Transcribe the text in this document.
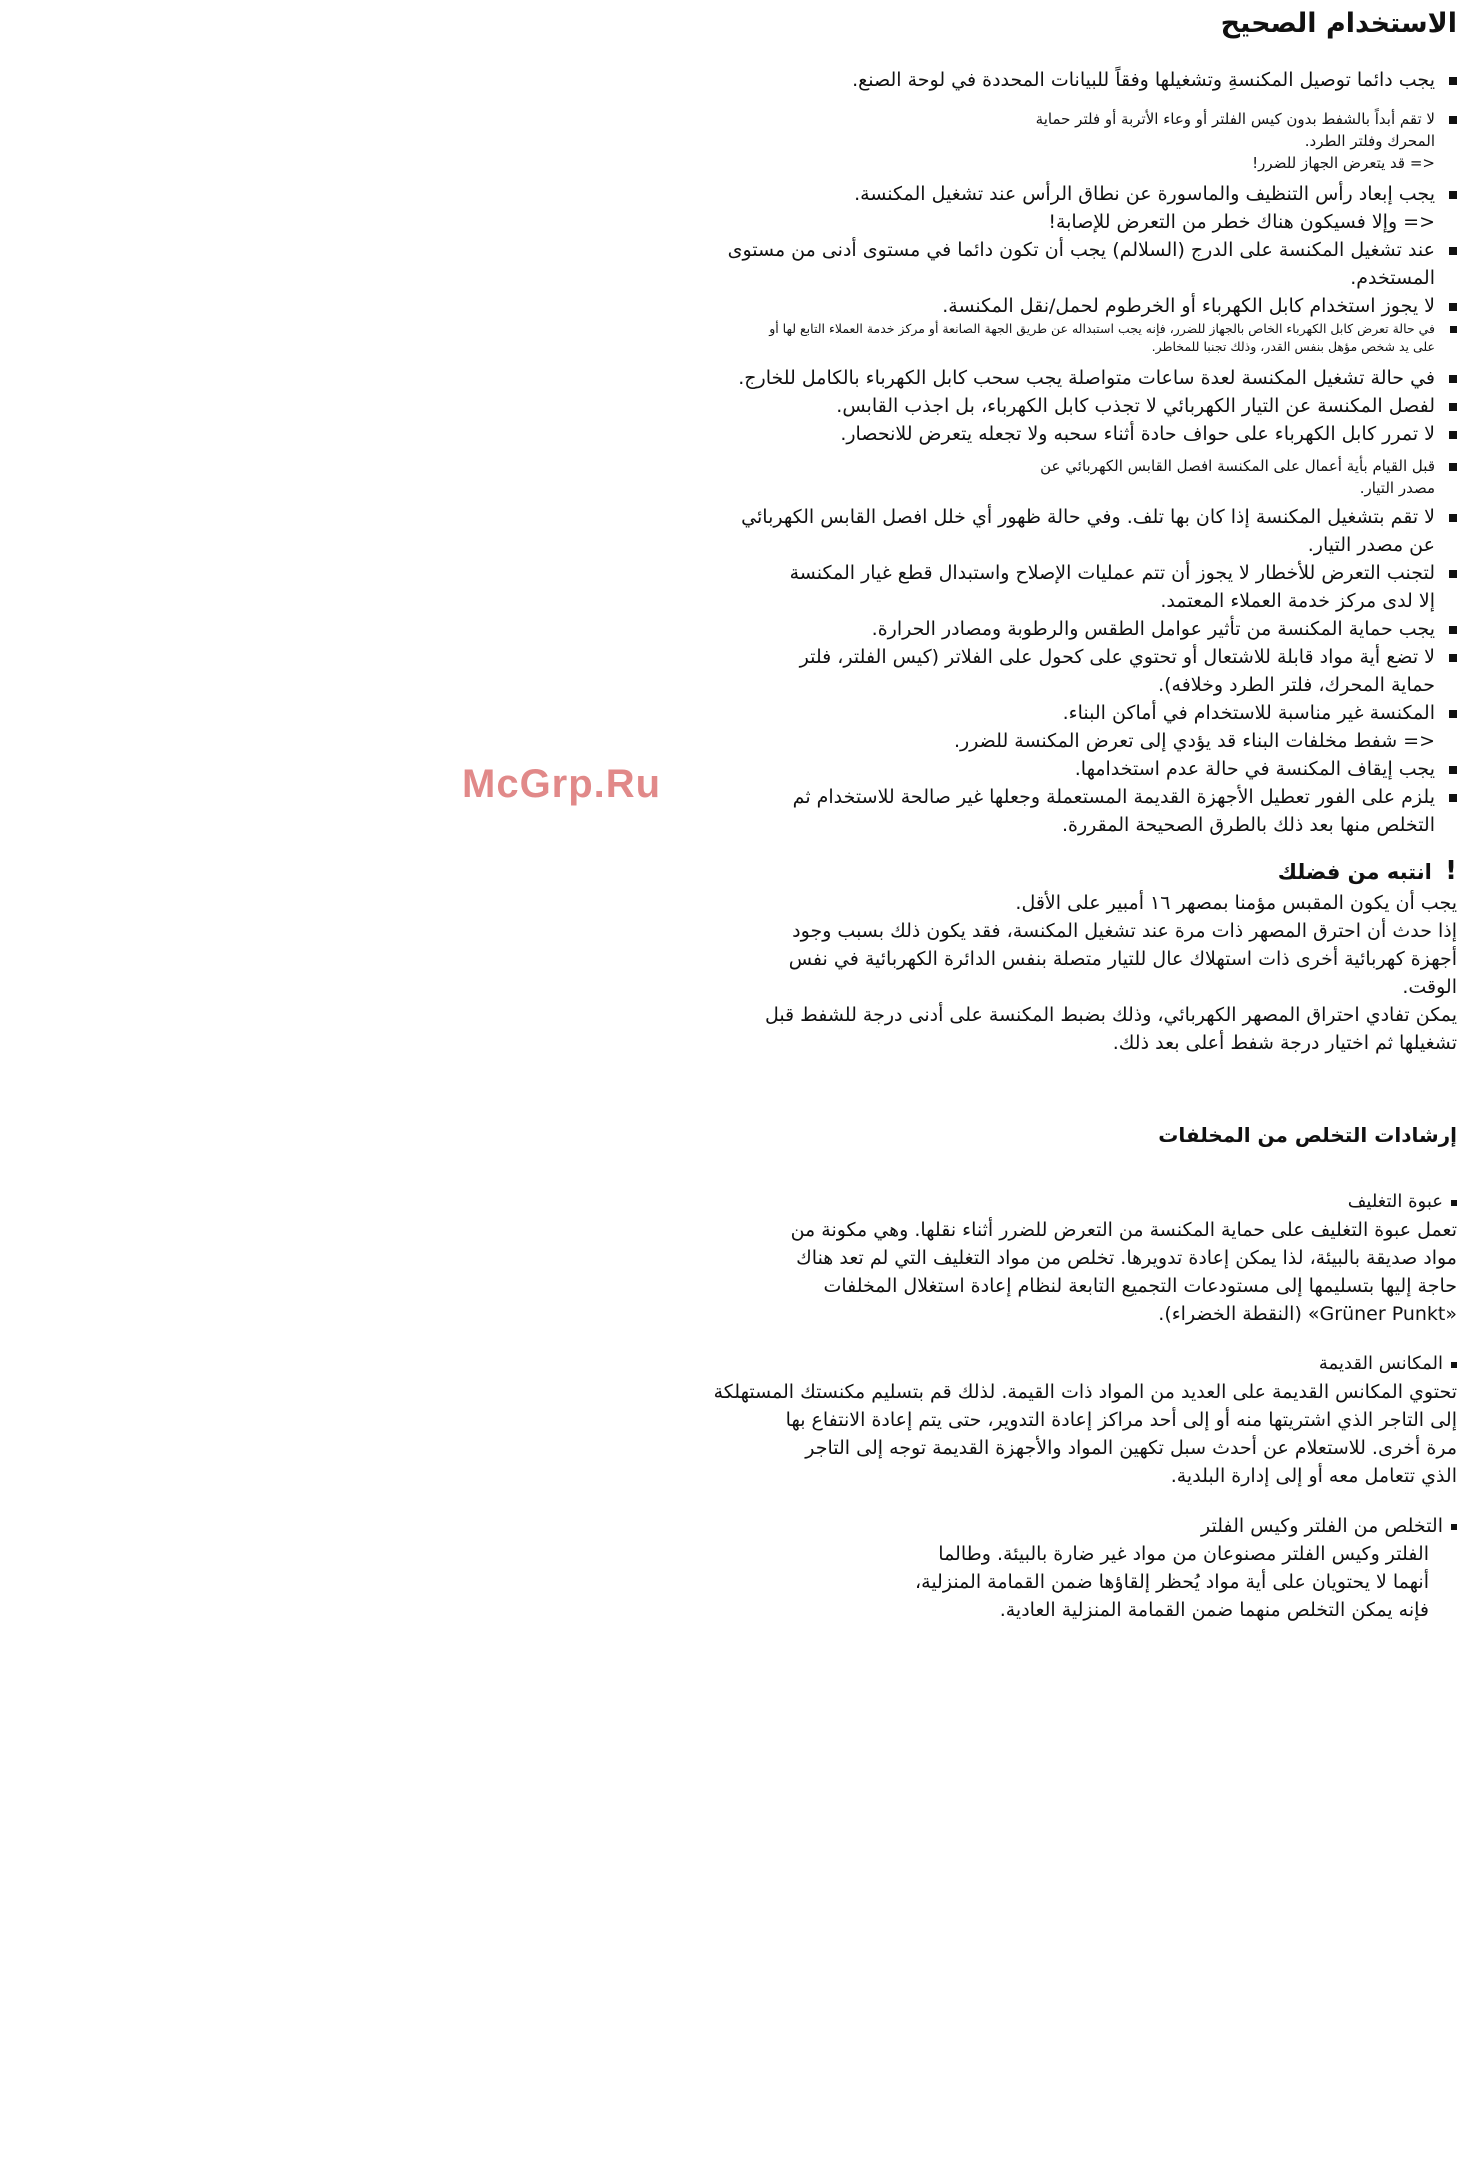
الاستخدام الصحيح
يجب دائما توصيل المكنسةِ وتشغيلها وفقاً للبيانات المحددة في لوحة الصنع.
لا تقم أبداً بالشفط بدون كيس الفلتر أو وعاء الأتربة أو فلتر حماية
المحرك وفلتر الطرد.
<= قد يتعرض الجهاز للضرر!
يجب إبعاد رأس التنظيف والماسورة عن نطاق الرأس عند تشغيل المكنسة.
<= وإلا فسيكون هناك خطر من التعرض للإصابة!
عند تشغيل المكنسة على الدرج (السلالم) يجب أن تكون دائما في مستوى أدنى من مستوى
المستخدم.
لا يجوز استخدام كابل الكهرباء أو الخرطوم لحمل/نقل المكنسة.
في حالة تعرض كابل الكهرباء الخاص بالجهاز للضرر، فإنه يجب استبداله عن طريق الجهة الصانعة أو مركز خدمة العملاء التابع لها أو
على يد شخص مؤهل بنفس القدر، وذلك تجنبا للمخاطر.
في حالة تشغيل المكنسة لعدة ساعات متواصلة يجب سحب كابل الكهرباء بالكامل للخارج.
لفصل المكنسة عن التيار الكهربائي لا تجذب كابل الكهرباء، بل اجذب القابس.
لا تمرر كابل الكهرباء على حواف حادة أثناء سحبه ولا تجعله يتعرض للانحصار.
قبل القيام بأية أعمال على المكنسة افصل القابس الكهربائي عن
مصدر التيار.
لا تقم بتشغيل المكنسة إذا كان بها تلف. وفي حالة ظهور أي خلل افصل القابس الكهربائي
عن مصدر التيار.
لتجنب التعرض للأخطار لا يجوز أن تتم عمليات الإصلاح واستبدال قطع غيار المكنسة
إلا لدى مركز خدمة العملاء المعتمد.
يجب حماية المكنسة من تأثير عوامل الطقس والرطوبة ومصادر الحرارة.
لا تضع أية مواد قابلة للاشتعال أو تحتوي على كحول على الفلاتر (كيس الفلتر، فلتر
حماية المحرك، فلتر الطرد وخلافه).
المكنسة غير مناسبة للاستخدام في أماكن البناء.
<= شفط مخلفات البناء قد يؤدي إلى تعرض المكنسة للضرر.
يجب إيقاف المكنسة في حالة عدم استخدامها.
يلزم على الفور تعطيل الأجهزة القديمة المستعملة وجعلها غير صالحة للاستخدام ثم
التخلص منها بعد ذلك بالطرق الصحيحة المقررة.
McGrp.Ru
! انتبه من فضلك
يجب أن يكون المقبس مؤمنا بمصهر ١٦ أمبير على الأقل.
إذا حدث أن احترق المصهر ذات مرة عند تشغيل المكنسة، فقد يكون ذلك بسبب وجود
أجهزة كهربائية أخرى ذات استهلاك عال للتيار متصلة بنفس الدائرة الكهربائية في نفس
الوقت.
يمكن تفادي احتراق المصهر الكهربائي، وذلك بضبط المكنسة على أدنى درجة للشفط قبل
تشغيلها ثم اختيار درجة شفط أعلى بعد ذلك.
إرشادات التخلص من المخلفات
عبوة التغليف
تعمل عبوة التغليف على حماية المكنسة من التعرض للضرر أثناء نقلها. وهي مكونة من
مواد صديقة بالبيئة، لذا يمكن إعادة تدويرها. تخلص من مواد التغليف التي لم تعد هناك
حاجة إليها بتسليمها إلى مستودعات التجميع التابعة لنظام إعادة استغلال المخلفات
«Grüner Punkt» (النقطة الخضراء).
المكانس القديمة
تحتوي المكانس القديمة على العديد من المواد ذات القيمة. لذلك قم بتسليم مكنستك المستهلكة
إلى التاجر الذي اشتريتها منه أو إلى أحد مراكز إعادة التدوير، حتى يتم إعادة الانتفاع بها
مرة أخرى. للاستعلام عن أحدث سبل تكهين المواد والأجهزة القديمة توجه إلى التاجر
الذي تتعامل معه أو إلى إدارة البلدية.
التخلص من الفلتر وكيس الفلتر
الفلتر وكيس الفلتر مصنوعان من مواد غير ضارة بالبيئة. وطالما
أنهما لا يحتويان على أية مواد يُحظر إلقاؤها ضمن القمامة المنزلية،
فإنه يمكن التخلص منهما ضمن القمامة المنزلية العادية.
